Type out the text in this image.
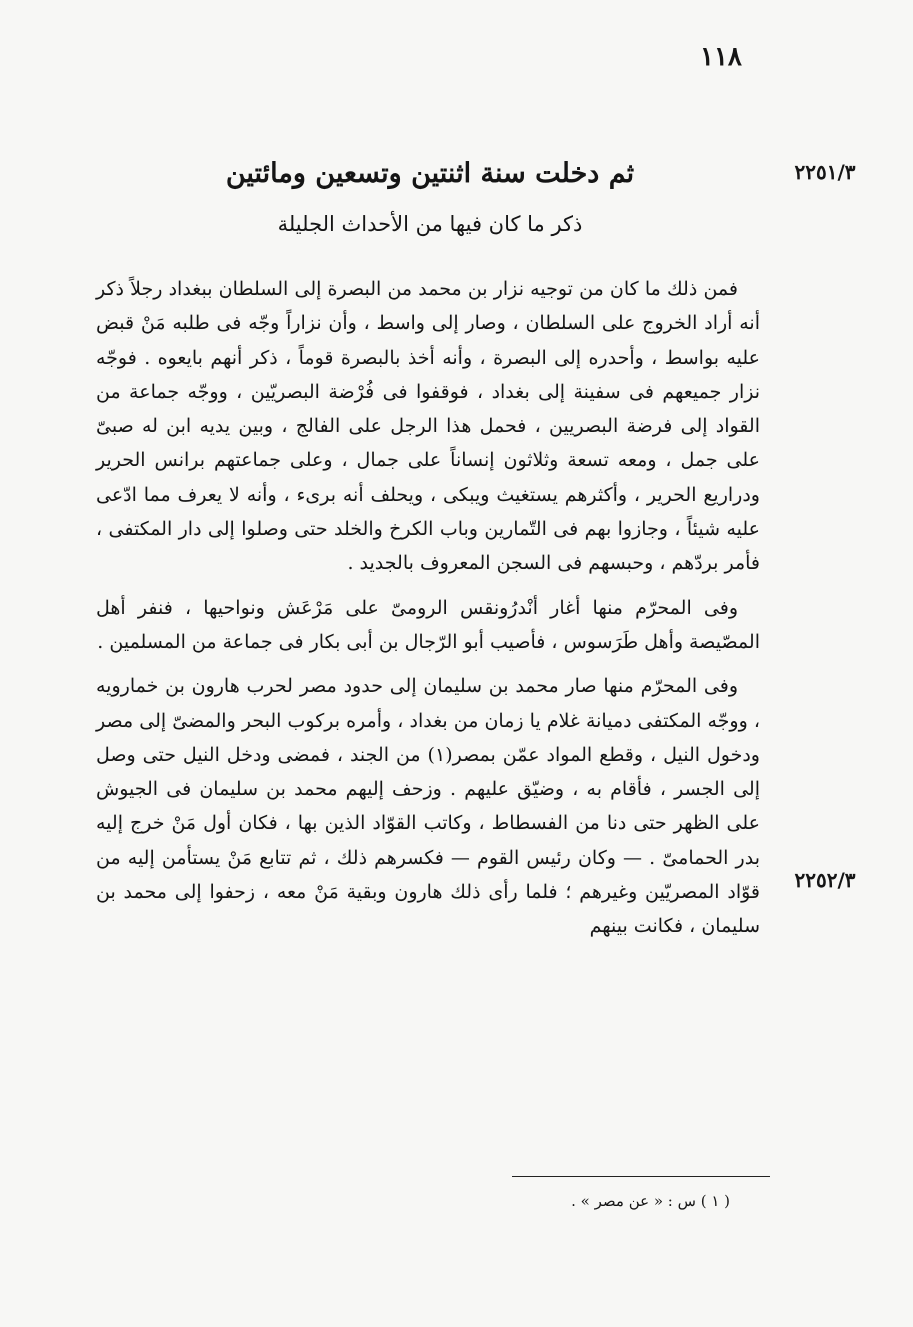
١١٨
٢٢٥١/٣
٢٢٥٢/٣
ثم دخلت سنة اثنتين وتسعين ومائتين
ذكر ما كان فيها من الأحداث الجليلة

فمن ذلك ما كان من توجيه نزار بن محمد من البصرة إلى السلطان ببغداد رجلاً ذكر أنه أراد الخروج على السلطان ، وصار إلى واسط ، وأن نزاراً وجّه فى طلبه مَنْ قبض عليه بواسط ، وأحدره إلى البصرة ، وأنه أخذ بالبصرة قوماً ، ذكر أنهم بايعوه . فوجّه نزار جميعهم فى سفينة إلى بغداد ، فوقفوا فى فُرْضة البصريّين ، ووجّه جماعة من القواد إلى فرضة البصريين ، فحمل هذا الرجل على الفالج ، وبين يديه ابن له صبىّ على جمل ، ومعه تسعة وثلاثون إنساناً على جمال ، وعلى جماعتهم برانس الحرير ودراريع الحرير ، وأكثرهم يستغيث ويبكى ، ويحلف أنه برىء ، وأنه لا يعرف مما ادّعى عليه شيئاً ، وجازوا بهم فى التّمارين وباب الكرخ والخلد حتى وصلوا إلى دار المكتفى ، فأمر بردّهم ، وحبسهم فى السجن المعروف بالجديد .

وفى المحرّم منها أغار أنْدرُونقس الرومىّ على مَرْعَش ونواحيها ، فنفر أهل المصّيصة وأهل طَرَسوس ، فأصيب أبو الرّجال بن أبى بكار فى جماعة من المسلمين .

وفى المحرّم منها صار محمد بن سليمان إلى حدود مصر لحرب هارون بن خمارويه ، ووجّه المكتفى دميانة غلام يا زمان من بغداد ، وأمره بركوب البحر والمضىّ إلى مصر ودخول النيل ، وقطع المواد عمّن بمصر(١) من الجند ، فمضى ودخل النيل حتى وصل إلى الجسر ، فأقام به ، وضيّق عليهم . وزحف إليهم محمد بن سليمان فى الجيوش على الظهر حتى دنا من الفسطاط ، وكاتب القوّاد الذين بها ، فكان أول مَنْ خرج إليه بدر الحمامىّ . — وكان رئيس القوم — فكسرهم ذلك ، ثم تتابع مَنْ يستأمن إليه من قوّاد المصريّين وغيرهم ؛ فلما رأى ذلك هارون وبقية مَنْ معه ، زحفوا إلى محمد بن سليمان ، فكانت بينهم

( ١ ) س : « عن مصر » .
